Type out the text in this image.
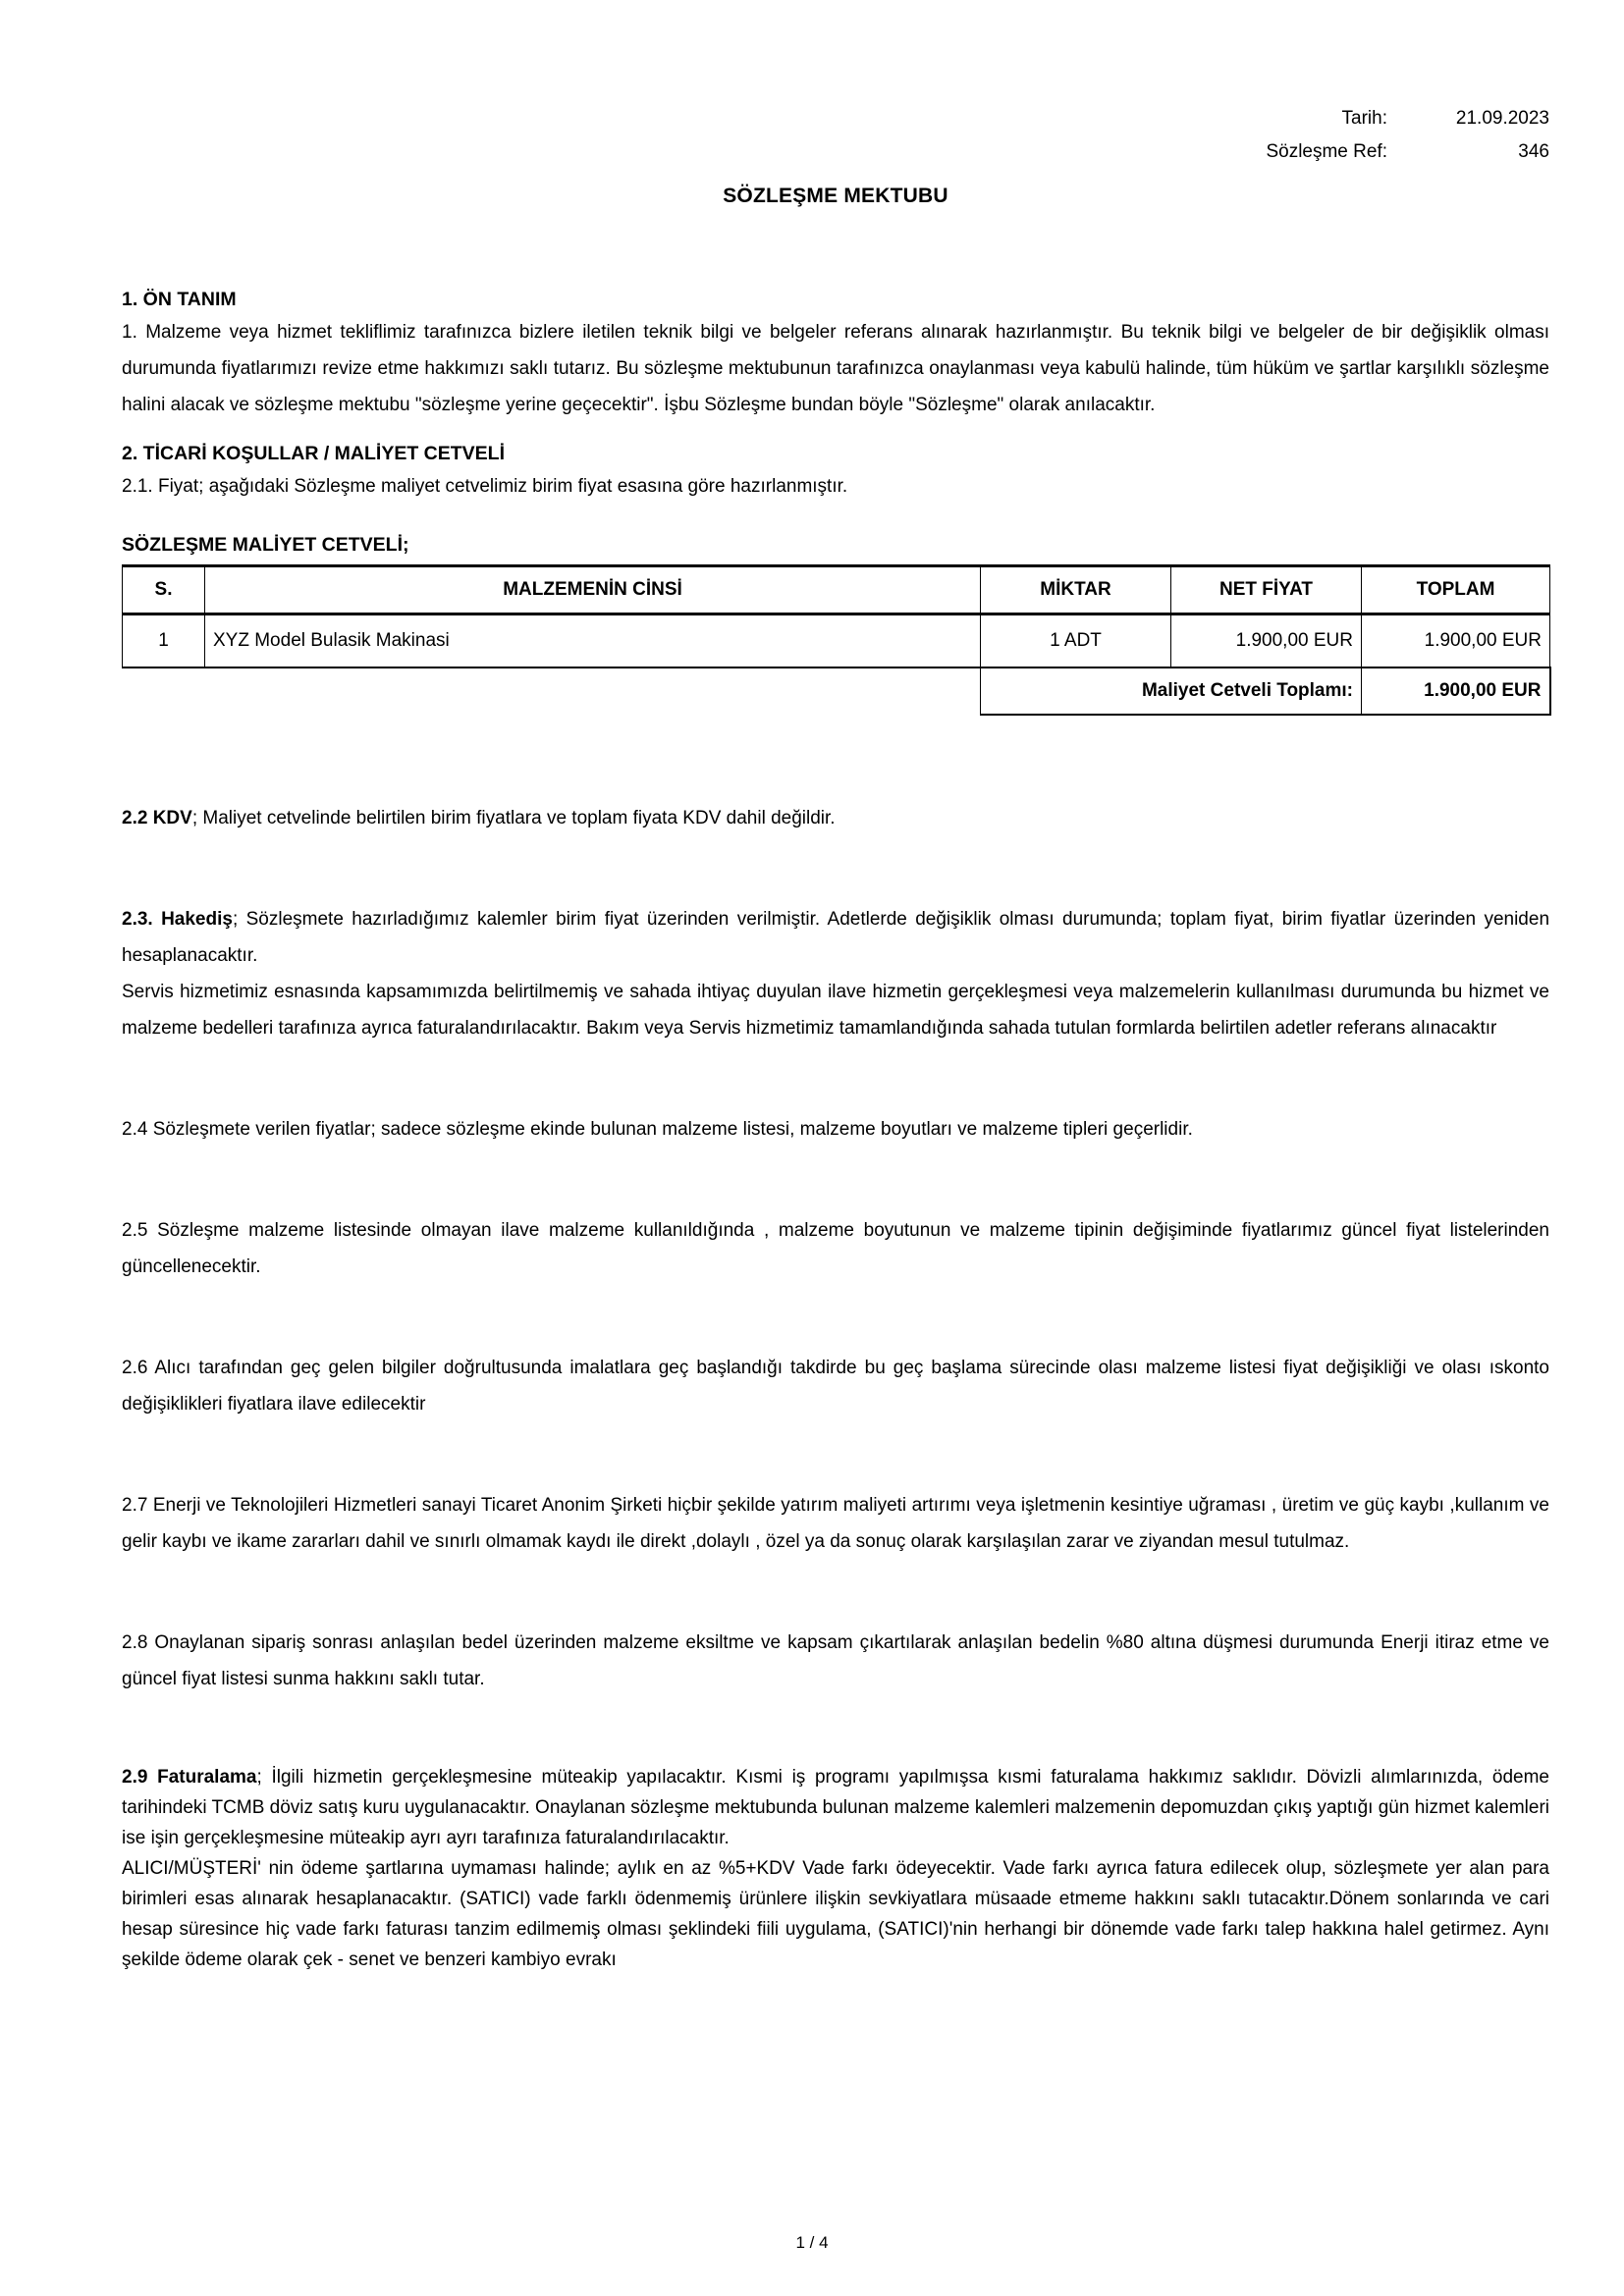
Tarih:	21.09.2023
Sözleşme Ref:	346
SÖZLEŞME MEKTUBU
1. ÖN TANIM

1. Malzeme veya hizmet tekliflimiz tarafınızca bizlere iletilen teknik bilgi ve belgeler referans alınarak hazırlanmıştır. Bu teknik bilgi ve belgeler de bir değişiklik olması durumunda fiyatlarımızı revize etme hakkımızı saklı tutarız. Bu sözleşme mektubunun tarafınızca onaylanması veya kabulü halinde, tüm hüküm ve şartlar karşılıklı sözleşme halini alacak ve sözleşme mektubu "sözleşme yerine geçecektir". İşbu Sözleşme bundan böyle "Sözleşme" olarak anılacaktır.

2. TİCARİ KOŞULLAR / MALİYET CETVELİ

2.1. Fiyat; aşağıdaki Sözleşme maliyet cetvelimiz birim fiyat esasına göre hazırlanmıştır.

SÖZLEŞME MALİYET CETVELİ;
S.	MALZEMENİN CİNSİ	MİKTAR	NET FİYAT	TOPLAM
1	XYZ Model Bulasik Makinasi	1 ADT	1.900,00 EUR	1.900,00 EUR
		Maliyet Cetveli Toplamı:		1.900,00 EUR

2.2 KDV; Maliyet cetvelinde belirtilen birim fiyatlara ve toplam fiyata KDV dahil değildir.

2.3. Hakediş; Sözleşmete hazırladığımız kalemler birim fiyat üzerinden verilmiştir. Adetlerde değişiklik olması durumunda; toplam fiyat, birim fiyatlar üzerinden yeniden hesaplanacaktır.

Servis hizmetimiz esnasında kapsamımızda belirtilmemiş ve sahada ihtiyaç duyulan ilave hizmetin gerçekleşmesi veya malzemelerin kullanılması durumunda bu hizmet ve malzeme bedelleri tarafınıza ayrıca faturalandırılacaktır. Bakım veya Servis hizmetimiz tamamlandığında sahada tutulan formlarda belirtilen adetler referans alınacaktır

2.4 Sözleşmete verilen fiyatlar; sadece sözleşme ekinde bulunan malzeme listesi, malzeme boyutları ve malzeme tipleri geçerlidir.

2.5 Sözleşme malzeme listesinde olmayan ilave malzeme kullanıldığında , malzeme boyutunun ve malzeme tipinin değişiminde fiyatlarımız güncel fiyat listelerinden güncellenecektir.

2.6 Alıcı tarafından geç gelen bilgiler doğrultusunda imalatlara geç başlandığı takdirde bu geç başlama sürecinde olası malzeme listesi fiyat değişikliği ve olası ıskonto değişiklikleri fiyatlara ilave edilecektir

2.7 Enerji ve Teknolojileri Hizmetleri sanayi Ticaret Anonim Şirketi hiçbir şekilde yatırım maliyeti artırımı veya işletmenin kesintiye uğraması , üretim ve güç kaybı ,kullanım ve gelir kaybı ve ikame zararları dahil ve sınırlı olmamak kaydı ile direkt ,dolaylı , özel ya da sonuç olarak karşılaşılan zarar ve ziyandan mesul tutulmaz.

2.8 Onaylanan sipariş sonrası anlaşılan bedel üzerinden malzeme eksiltme ve kapsam çıkartılarak anlaşılan bedelin %80 altına düşmesi durumunda Enerji itiraz etme ve güncel fiyat listesi sunma hakkını saklı tutar.

2.9 Faturalama; İlgili hizmetin gerçekleşmesine müteakip yapılacaktır. Kısmi iş programı yapılmışsa kısmi faturalama hakkımız saklıdır. Dövizli alımlarınızda, ödeme tarihindeki TCMB döviz satış kuru uygulanacaktır. Onaylanan sözleşme mektubunda bulunan malzeme kalemleri malzemenin depomuzdan çıkış yaptığı gün hizmet kalemleri ise işin gerçekleşmesine müteakip ayrı ayrı tarafınıza faturalandırılacaktır.

ALICI/MÜŞTERİ' nin ödeme şartlarına uymaması halinde; aylık en az %5+KDV Vade farkı ödeyecektir. Vade farkı ayrıca fatura edilecek olup, sözleşmete yer alan para birimleri esas alınarak hesaplanacaktır. (SATICI) vade farklı ödenmemiş ürünlere ilişkin sevkiyatlara müsaade etmeme hakkını saklı tutacaktır.Dönem sonlarında ve cari hesap süresince hiç vade farkı faturası tanzim edilmemiş olması şeklindeki fiili uygulama, (SATICI)'nin herhangi bir dönemde vade farkı talep hakkına halel getirmez. Aynı şekilde ödeme olarak çek - senet ve benzeri kambiyo evrakı

1 / 4
